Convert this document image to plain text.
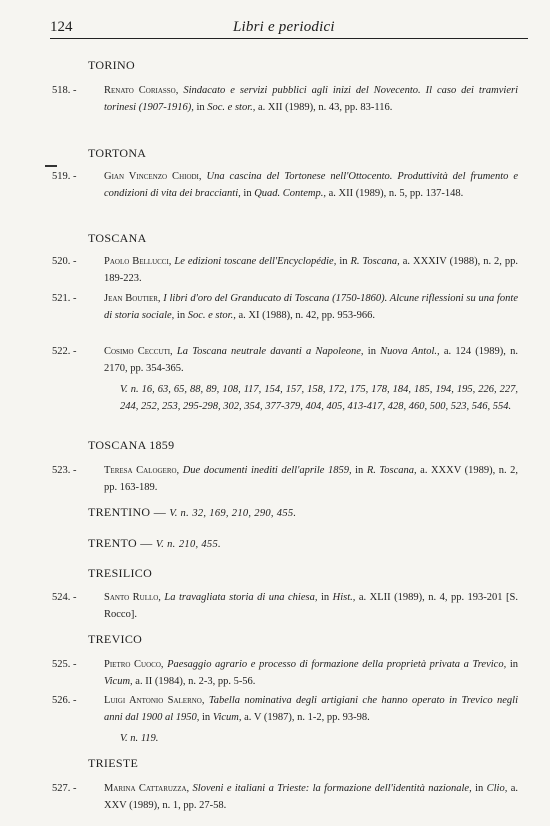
124	Libri e periodici
TORINO
518. -	Renato Coriasso, Sindacato e servizi pubblici agli inizi del Novecento. Il caso dei tramvieri torinesi (1907-1916), in Soc. e stor., a. XII (1989), n. 43, pp. 83-116.
TORTONA
519. -	Gian Vincenzo Chiodi, Una cascina del Tortonese nell'Ottocento. Produttività del frumento e condizioni di vita dei braccianti, in Quad. Contemp., a. XII (1989), n. 5, pp. 137-148.
TOSCANA
520. -	Paolo Bellucci, Le edizioni toscane dell'Encyclopédie, in R. Toscana, a. XXXIV (1988), n. 2, pp. 189-223.
521. -	Jean Boutier, I libri d'oro del Granducato di Toscana (1750-1860). Alcune riflessioni su una fonte di storia sociale, in Soc. e stor., a. XI (1988), n. 42, pp. 953-966.
522. -	Cosimo Ceccuti, La Toscana neutrale davanti a Napoleone, in Nuova Antol., a. 124 (1989), n. 2170, pp. 354-365.
V. n. 16, 63, 65, 88, 89, 108, 117, 154, 157, 158, 172, 175, 178, 184, 185, 194, 195, 226, 227, 244, 252, 253, 295-298, 302, 354, 377-379, 404, 405, 413-417, 428, 460, 500, 523, 546, 554.
TOSCANA 1859
523. -	Teresa Calogero, Due documenti inediti dell'aprile 1859, in R. Toscana, a. XXXV (1989), n. 2, pp. 163-189.
TRENTINO — V. n. 32, 169, 210, 290, 455.
TRENTO — V. n. 210, 455.
TRESILICO
524. -	Santo Rullo, La travagliata storia di una chiesa, in Hist., a. XLII (1989), n. 4, pp. 193-201 [S. Rocco].
TREVICO
525. -	Pietro Cuoco, Paesaggio agrario e processo di formazione della proprietà privata a Trevico, in Vicum, a. II (1984), n. 2-3, pp. 5-56.
526. -	Luigi Antonio Salerno, Tabella nominativa degli artigiani che hanno operato in Trevico negli anni dal 1900 al 1950, in Vicum, a. V (1987), n. 1-2, pp. 93-98.
V. n. 119.
TRIESTE
527. -	Marina Cattaruzza, Sloveni e italiani a Trieste: la formazione dell'identità nazionale, in Clio, a. XXV (1989), n. 1, pp. 27-58.
